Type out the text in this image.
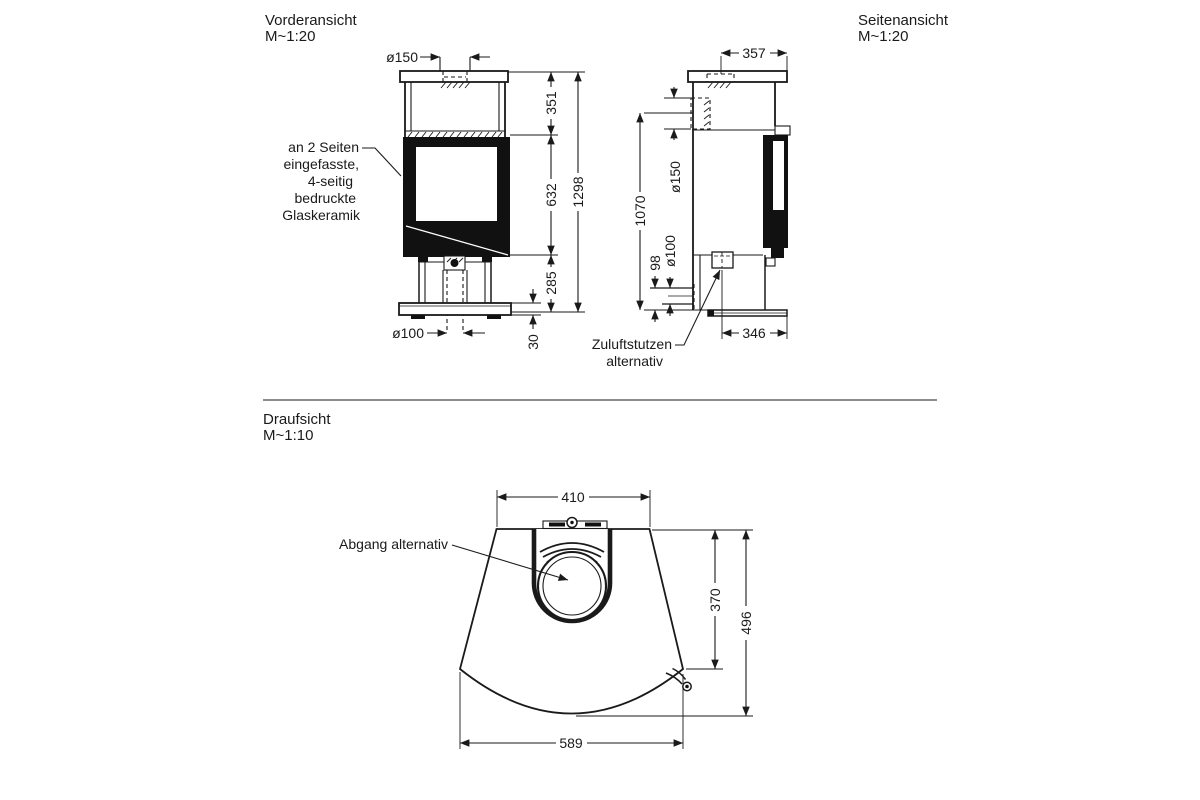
351
632
285
1298
30
ø150
ø100
Vorderansicht
M~1:20
an 2 Seiten
eingefasste,
4-seitig
bedruckte
Glaskeramik
357
ø150
1070
98 ø100
346
Seitenansicht
M~1:20
Zuluftstutzen
alternativ
410
370
496
589
Draufsicht
M~1:10
Abgang alternativ
